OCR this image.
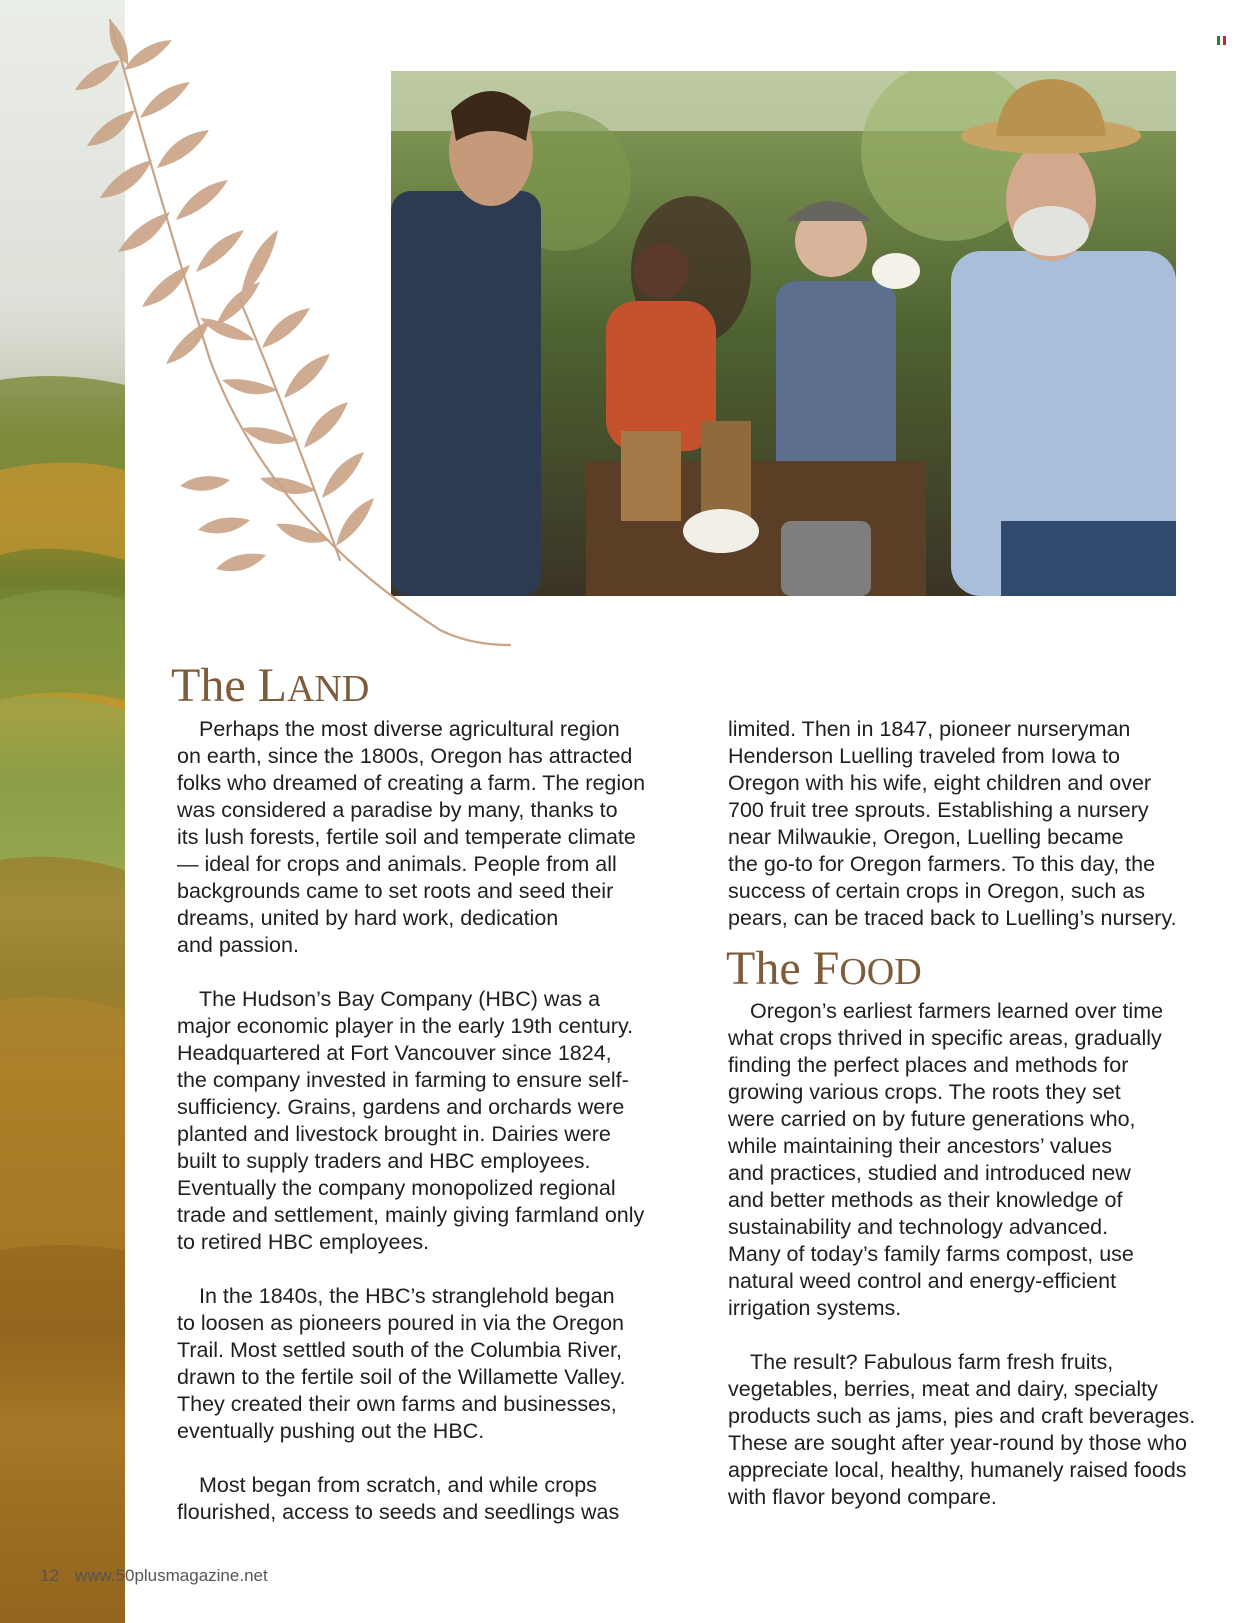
The LAND
The FOOD

Perhaps the most diverse agricultural region
on earth, since the 1800s, Oregon has attracted
folks who dreamed of creating a farm. The region
was considered a paradise by many, thanks to
its lush forests, fertile soil and temperate climate
— ideal for crops and animals. People from all
backgrounds came to set roots and seed their
dreams, united by hard work, dedication
and passion.

The Hudson’s Bay Company (HBC) was a
major economic player in the early 19th century.
Headquartered at Fort Vancouver since 1824,
the company invested in farming to ensure self-
sufficiency. Grains, gardens and orchards were
planted and livestock brought in. Dairies were
built to supply traders and HBC employees.
Eventually the company monopolized regional
trade and settlement, mainly giving farmland only
to retired HBC employees.

In the 1840s, the HBC’s stranglehold began
to loosen as pioneers poured in via the Oregon
Trail. Most settled south of the Columbia River,
drawn to the fertile soil of the Willamette Valley.
They created their own farms and businesses,
eventually pushing out the HBC.

Most began from scratch, and while crops
flourished, access to seeds and seedlings was

limited. Then in 1847, pioneer nurseryman
Henderson Luelling traveled from Iowa to
Oregon with his wife, eight children and over
700 fruit tree sprouts. Establishing a nursery
near Milwaukie, Oregon, Luelling became
the go-to for Oregon farmers. To this day, the
success of certain crops in Oregon, such as
pears, can be traced back to Luelling’s nursery.

Oregon’s earliest farmers learned over time
what crops thrived in specific areas, gradually
finding the perfect places and methods for
growing various crops. The roots they set
were carried on by future generations who,
while maintaining their ancestors’ values
and practices, studied and introduced new
and better methods as their knowledge of
sustainability and technology advanced.
Many of today’s family farms compost, use
natural weed control and energy-efficient
irrigation systems.

The result? Fabulous farm fresh fruits,
vegetables, berries, meat and dairy, specialty
products such as jams, pies and craft beverages.
These are sought after year-round by those who
appreciate local, healthy, humanely raised foods
with flavor beyond compare.

12 www.50plusmagazine.net
